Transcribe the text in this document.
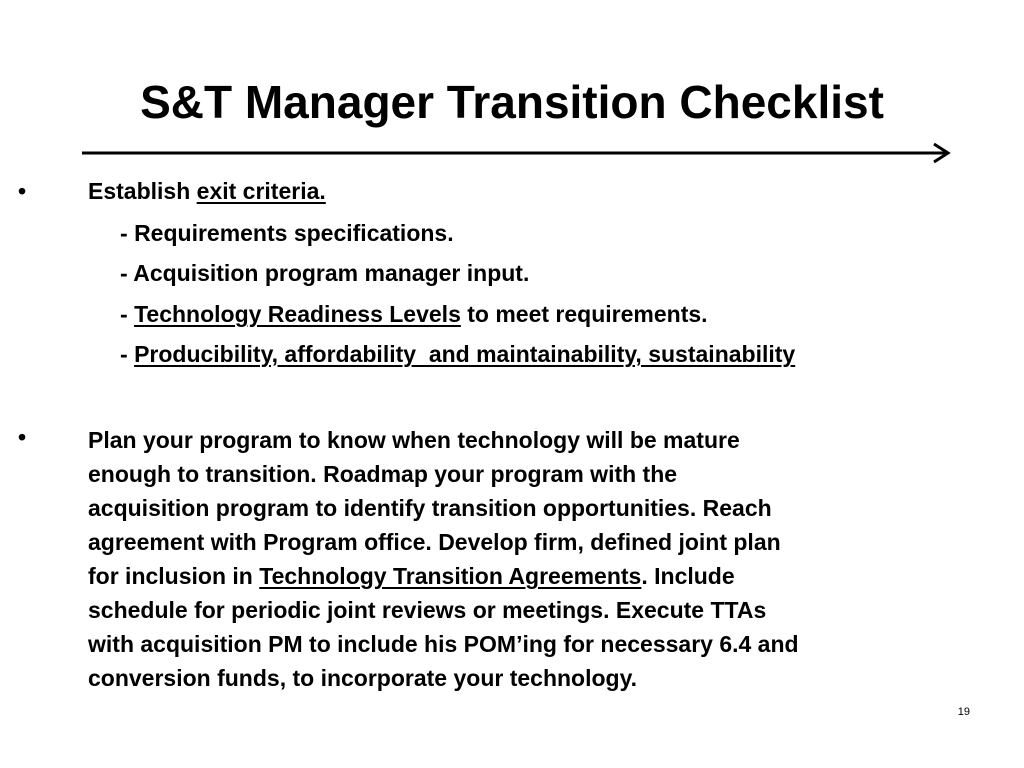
S&T Manager Transition Checklist
•	Establish exit criteria.
- Requirements specifications.
- Acquisition program manager input.
- Technology Readiness Levels to meet requirements.
- Producibility, affordability  and maintainability, sustainability
•	Plan your program to know when technology will be mature
enough to transition. Roadmap your program with the
acquisition program to identify transition opportunities. Reach
agreement with Program office. Develop firm, defined joint plan
for inclusion in Technology Transition Agreements. Include
schedule for periodic joint reviews or meetings. Execute TTAs
with acquisition PM to include his POM’ing for necessary 6.4 and
conversion funds, to incorporate your technology.
19
